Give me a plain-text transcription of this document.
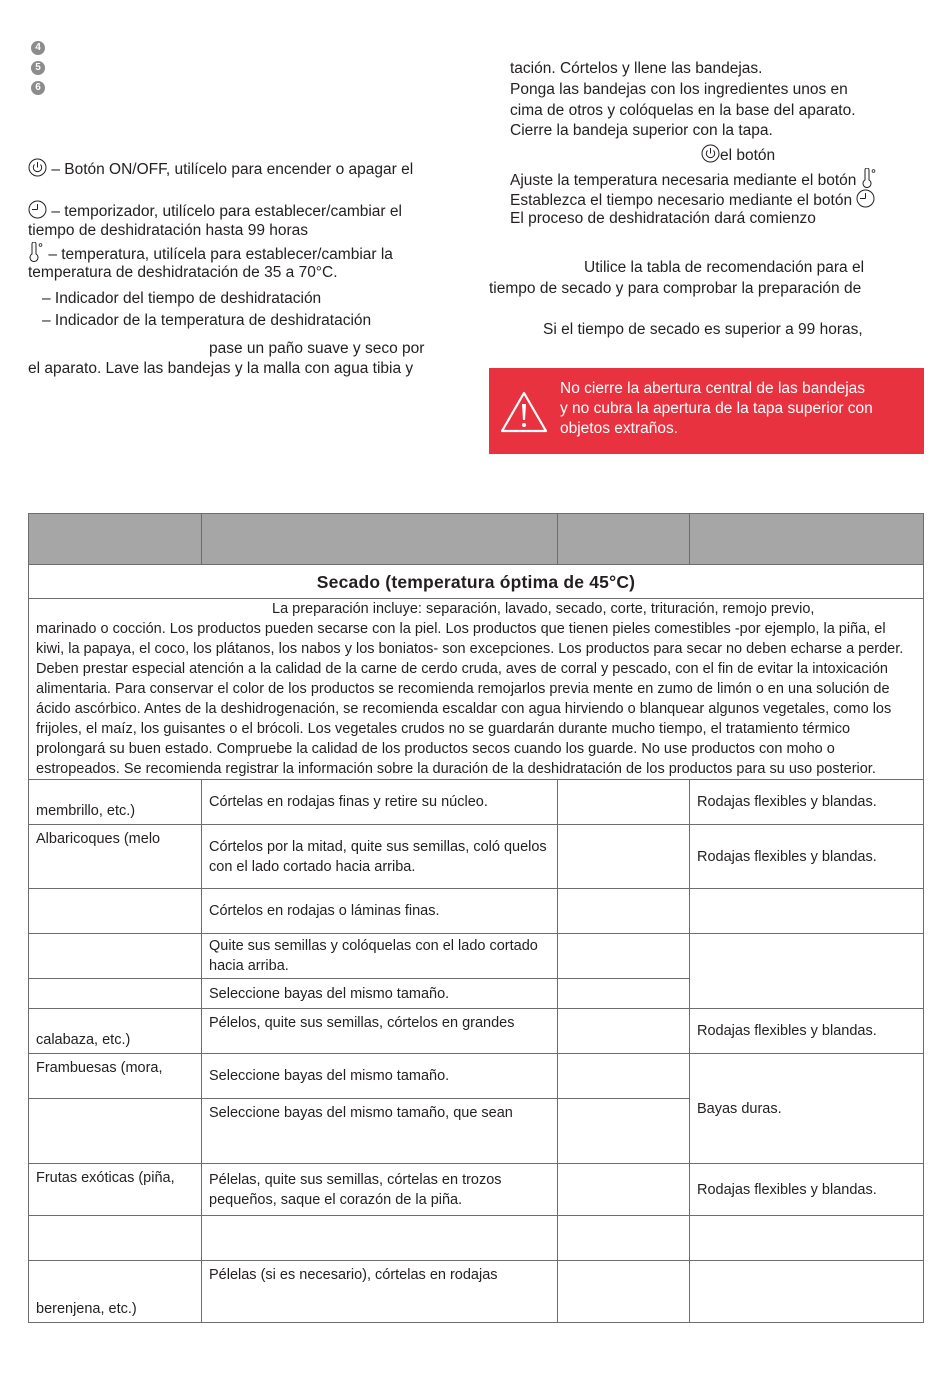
4
5
6
– Botón ON/OFF, utilícelo para encender o apagar el
– temporizador, utilícelo para establecer/cambiar el
tiempo de deshidratación hasta 99 horas
– temperatura, utilícela para establecer/cambiar la
temperatura de deshidratación de 35 a 70°C.
– Indicador del tiempo de deshidratación
– Indicador de la temperatura de deshidratación
pase un paño suave y seco por
el aparato. Lave las bandejas y la malla con agua tibia y
tación. Córtelos y llene las bandejas.
Ponga las bandejas con los ingredientes unos en
cima de otros y colóquelas en la base del aparato.
Cierre la bandeja superior con la tapa.
el botón
Ajuste la temperatura necesaria mediante el botón
Establezca el tiempo necesario mediante el botón
El proceso de deshidratación dará comienzo
Utilice la tabla de recomendación para el
tiempo de secado y para comprobar la preparación de
Si el tiempo de secado es superior a 99 horas,
No cierre la abertura central de las bandejas
y no cubra la apertura de la tapa superior con
objetos extraños.

Secado (temperatura óptima de 45°C)			

La preparación incluye: separación, lavado, secado, corte, trituración, remojo previo,
marinado o cocción. Los productos pueden secarse con la piel. Los productos que tienen pieles comestibles -por ejemplo, la piña, el kiwi, la papaya, el coco, los plátanos, los nabos y los boniatos- son excepciones. Los productos para secar no deben echarse a perder. Deben prestar especial atención a la calidad de la carne de cerdo cruda, aves de corral y pescado, con el fin de evitar la intoxicación alimentaria. Para conservar el color de los productos se recomienda remojarlos previa mente en zumo de limón o en una solución de ácido ascórbico. Antes de la deshidrogenación, se recomienda escaldar con agua hirviendo o blanquear algunos vegetales, como los frijoles, el maíz, los guisantes o el brócoli. Los vegetales crudos no se guardarán durante mucho tiempo, el tratamiento térmico prolongará su buen estado. Compruebe la calidad de los productos secos cuando los guarde. No use productos con moho o estropeados. Se recomienda registrar la información sobre la duración de la deshidratación de los productos para su uso posterior.			
membrillo, etc.)	Córtelas en rodajas finas y retire su núcleo.		Rodajas flexibles y blandas.
Albaricoques (melo	Córtelos por la mitad, quite sus semillas, coló quelos con el lado cortado hacia arriba.		Rodajas flexibles y blandas.
	Córtelos en rodajas o láminas finas.		
	Quite sus semillas y colóquelas con el lado cortado hacia arriba.		
	Seleccione bayas del mismo tamaño.		
calabaza, etc.)	Pélelos, quite sus semillas, córtelos en grandes		Rodajas flexibles y blandas.
Frambuesas (mora,	Seleccione bayas del mismo tamaño.		Bayas duras.
	Seleccione bayas del mismo tamaño, que sean		
Frutas exóticas (piña,	Pélelas, quite sus semillas, córtelas en trozos pequeños, saque el corazón de la piña.		Rodajas flexibles y blandas.

berenjena, etc.)	Pélelas (si es necesario), córtelas en rodajas		
